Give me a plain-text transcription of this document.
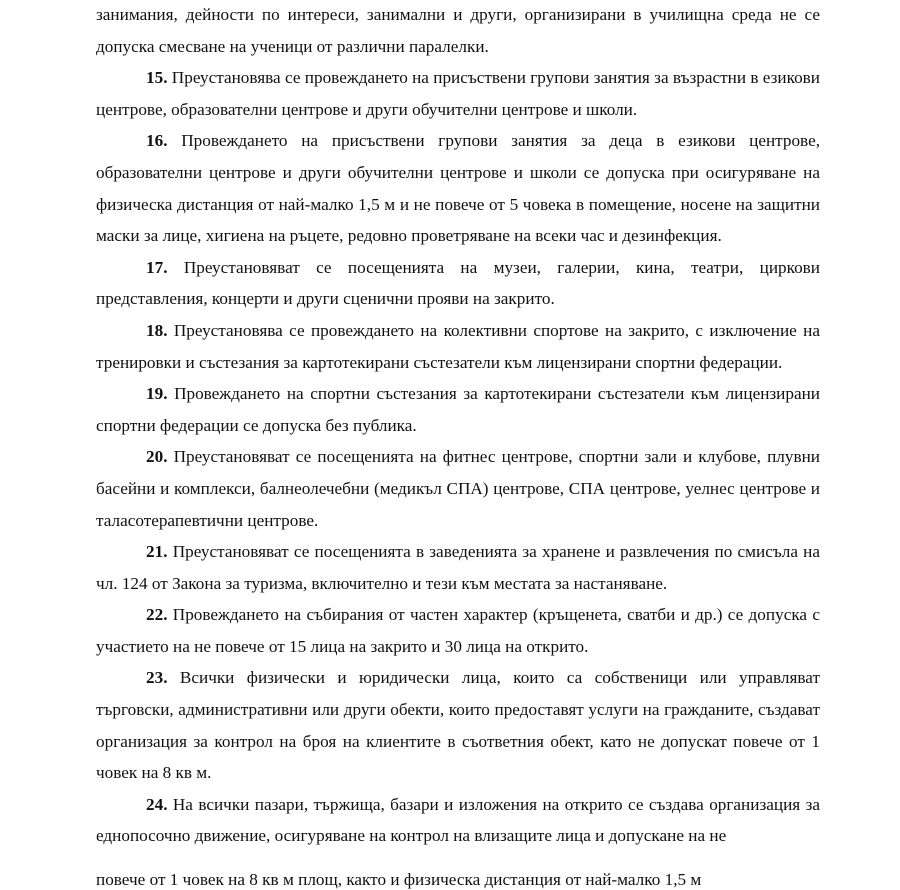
занимания, дейности по интереси, занимални и други, организирани в училищна среда не се допуска смесване на ученици от различни паралелки.

15. Преустановява се провеждането на присъствени групови занятия за възрастни в езикови центрове, образователни центрове и други обучителни центрове и школи.

16. Провеждането на присъствени групови занятия за деца в езикови центрове, образователни центрове и други обучителни центрове и школи се допуска при осигуряване на физическа дистанция от най-малко 1,5 м и не повече от 5 човека в помещение, носене на защитни маски за лице, хигиена на ръцете, редовно проветряване на всеки час и дезинфекция.

17. Преустановяват се посещенията на музеи, галерии, кина, театри, циркови представления, концерти и други сценични прояви на закрито.

18. Преустановява се провеждането на колективни спортове на закрито, с изключение на тренировки и състезания за картотекирани състезатели към лицензирани спортни федерации.

19. Провеждането на спортни състезания за картотекирани състезатели към лицензирани спортни федерации се допуска без публика.

20. Преустановяват се посещенията на фитнес центрове, спортни зали и клубове, плувни басейни и комплекси, балнеолечебни (медикъл СПА) центрове, СПА центрове, уелнес центрове и таласотерапевтични центрове.

21. Преустановяват се посещенията в заведенията за хранене и развлечения по смисъла на чл. 124 от Закона за туризма, включително и тези към местата за настаняване.

22. Провеждането на събирания от частен характер (кръщенета, сватби и др.) се допуска с участието на не повече от 15 лица на закрито и 30 лица на открито.

23. Всички физически и юридически лица, които са собственици или управляват търговски, административни или други обекти, които предоставят услуги на гражданите, създават организация за контрол на броя на клиентите в съответния обект, като не допускат повече от 1 човек на 8 кв м.

24. На всички пазари, тържища, базари и изложения на открито се създава организация за еднопосочно движение, осигуряване на контрол на влизащите лица и допускане на не

повече от 1 човек на 8 кв м площ, както и физическа дистанция от най-малко 1,5 м
